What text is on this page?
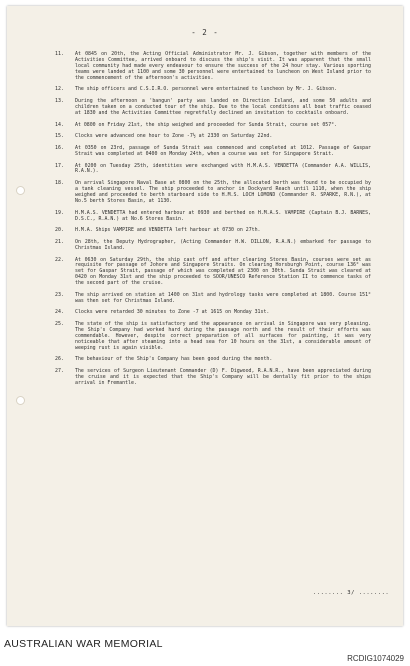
- 2 -
11.	At 0845 on 20th, the Acting Official Administrator Mr. J. Gibson, together with members of the Activities Committee, arrived onboard to discuss the ship's visit. It was apparent that the small local community had made every endeavour to ensure the success of the 24 hour stay. Various sporting teams were landed at 1100 and some 30 personnel were entertained to luncheon on West Island prior to the commencement of the afternoon's activities.
12.	The ship officers and C.S.I.R.O. personnel were entertained to luncheon by Mr. J. Gibson.
13.	During the afternoon a 'bangun' party was landed on Direction Island, and some 50 adults and children taken on a conducted tour of the ship. Due to the local conditions all boat traffic ceased at 1830 and the Activities Committee regretfully declined an invitation to cocktails onboard.
14.	At 0800 on Friday 21st, the ship weighed and proceeded for Sunda Strait, course set 057°.
15.	Clocks were advanced one hour to Zone -7½ at 2330 on Saturday 22nd.
16.	At 0350 on 23rd, passage of Sunda Strait was commenced and completed at 1012. Passage of Gaspar Strait was completed at 0400 on Monday 24th, when a course was set for Singapore Strait.
17.	At 0200 on Tuesday 25th, identities were exchanged with H.M.A.S. VENDETTA (Commander A.A. WILLIS, R.A.N.).
18.	On arrival Singapore Naval Base at 0800 on the 25th, the allocated berth was found to be occupied by a tank cleaning vessel. The ship proceeded to anchor in Dockyard Reach until 1110, when the ship weighed and proceeded to berth starboard side to H.M.S. LOCH LOMOND (Commander R. SPARKE, R.N.), at No.5 berth Stores Basin, at 1130.
19.	H.M.A.S. VENDETTA had entered harbour at 0930 and berthed on H.M.A.S. VAMPIRE (Captain B.J. BARNES, D.S.C., R.A.N.) at No.6 Stores Basin.
20.	H.M.A. Ships VAMPIRE and VENDETTA left harbour at 0730 on 27th.
21.	On 28th, the Deputy Hydrographer, (Acting Commander H.W. DILLON, R.A.N.) embarked for passage to Christmas Island.
22.	At 0630 on Saturday 29th, the ship cast off and after clearing Stores Basin, courses were set as requisite for passage of Johore and Singapore Straits. On clearing Horsburgh Point, course 136° was set for Gaspar Strait, passage of which was completed at 2300 on 30th. Sunda Strait was cleared at 0420 on Monday 31st and the ship proceeded to SOOR/UNESCO Reference Station II to commence tasks of the second part of the cruise.
23.	The ship arrived on station at 1400 on 31st and hydrology tasks were completed at 1800. Course 151° was then set for Christmas Island.
24.	Clocks were retarded 30 minutes to Zone -7 at 1615 on Monday 31st.
25.	The state of the ship is satisfactory and the appearance on arrival in Singapore was very pleasing. The Ship's Company had worked hard during the passage north and the result of their efforts was commendable. However, despite correct preparation of all surfaces for painting, it was very noticeable that after steaming into a head sea for 10 hours on the 31st, a considerable amount of weeping rust is again visible.
26.	The behaviour of the Ship's Company has been good during the month.
27.	The services of Surgeon Lieutenant Commander (D) F. Digwood, R.A.N.R., have been appreciated during the cruise and it is expected that the Ship's Company will be dentally fit prior to the ships arrival in Fremantle.
........ 3/ ........
AUSTRALIAN WAR MEMORIAL
RCDIG1074029
